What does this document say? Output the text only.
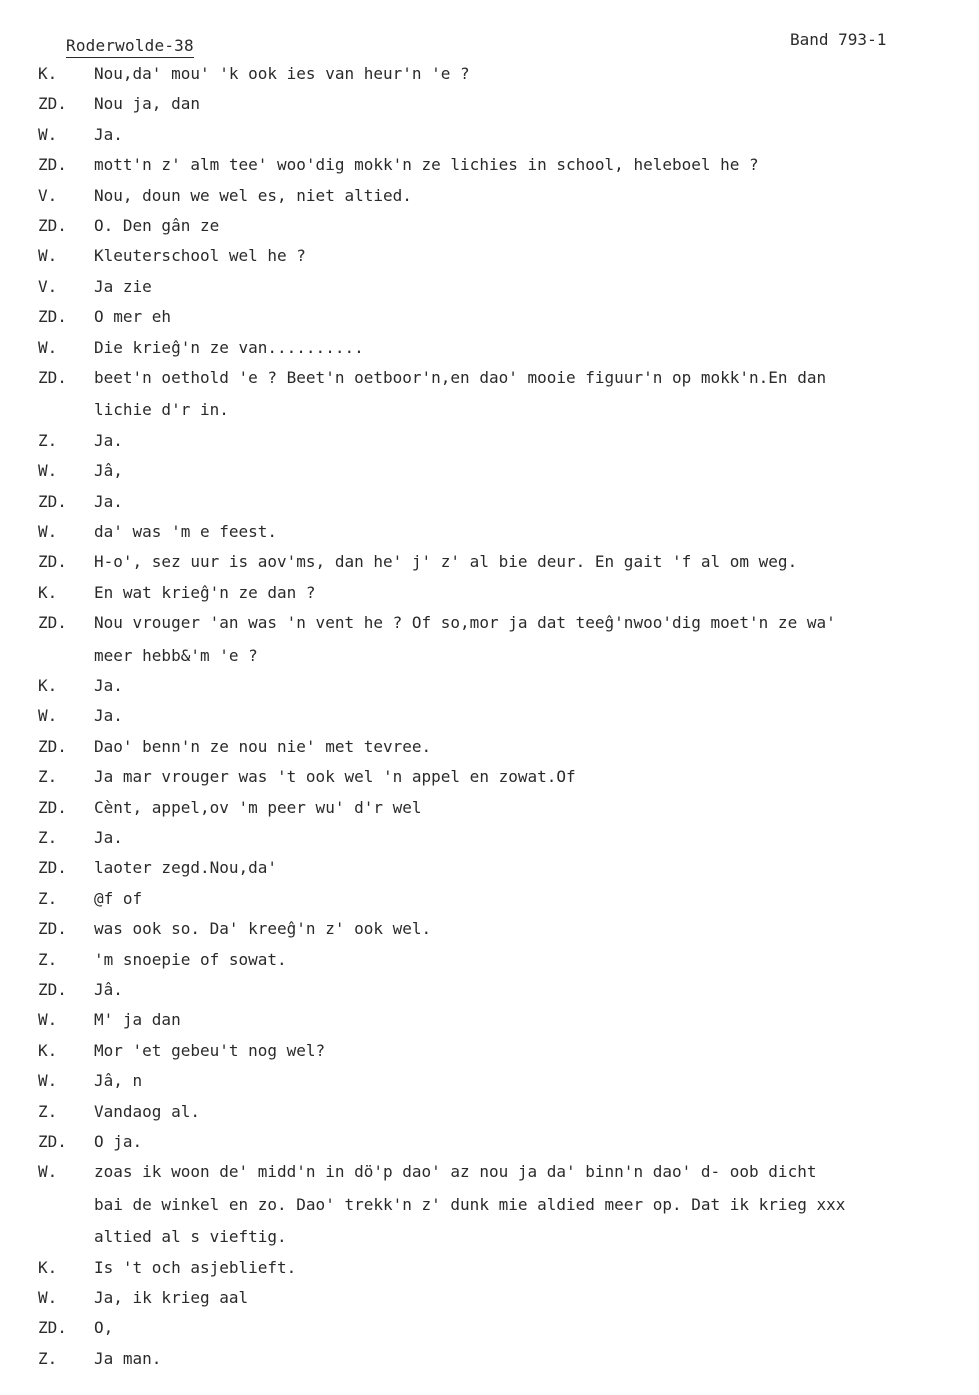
Roderwolde-38	Band 793-1
K.	Nou,da' mou' 'k ook ies van heur'n 'e ?
ZD.	Nou ja, dan
W.	Ja.
ZD.	mott'n z' alm tee' woo'dig mokk'n ze lichies in school, heleboel he ?
V.	Nou, doun we wel es, niet altied.
ZD.	O. Den gân ze
W.	Kleuterschool wel he ?
V.	Ja zie
ZD.	O mer eh
W.	Die krieĝ'n ze van..........
ZD.	beet'n oethold 'e ? Beet'n oetboor'n,en dao' mooie figuur'n op mokk'n.En dan
lichie d'r in.
Z.	Ja.
W.	Jâ,
ZD.	Ja.
W.	da' was 'm e feest.
ZD.	H-o', sez uur is aov'ms, dan he' j' z' al bie deur. En gait 'f al om weg.
K.	En wat krieĝ'n ze dan ?
ZD.	Nou vrouger 'an was 'n vent he ? Of so,mor ja dat teeĝ'nwoo'dig moet'n ze wa'
meer hebb&'m 'e ?
K.	Ja.
W.	Ja.
ZD.	Dao' benn'n ze nou nie' met tevree.
Z.	Ja mar vrouger was 't ook wel 'n appel en zowat.Of
ZD.	Cènt, appel,ov 'm peer wu' d'r wel
Z.	Ja.
ZD.	laoter zegd.Nou,da'
Z.	@f of
ZD.	was ook so. Da' kreeĝ'n z' ook wel.
Z.	'm snoepie of sowat.
ZD.	Jâ.
W.	M' ja dan
K.	Mor 'et gebeu't nog wel?
W.	Jâ, n
Z.	Vandaog al.
ZD.	O ja.
W.	zoas ik woon de' midd'n in dö'p dao' az nou ja da' binn'n dao' d- oob dicht
bai de winkel en zo. Dao' trekk'n z' dunk mie aldied meer op. Dat ik krieg xxx
altied al s vieftig.
K.	Is 't och asjeblieft.
W.	Ja, ik krieg aal
ZD.	O,
Z.	Ja man.
